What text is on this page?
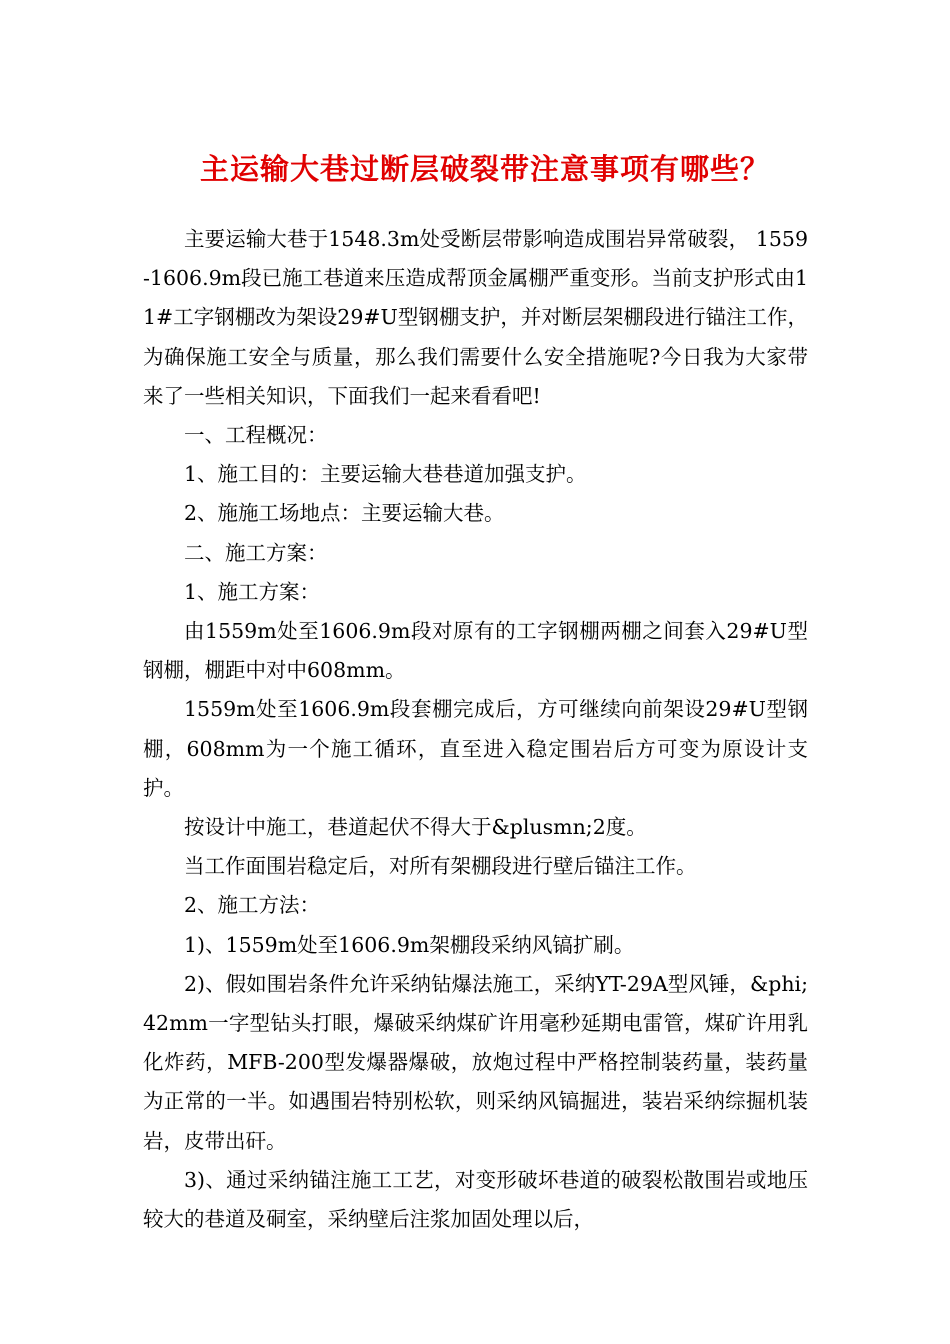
主运输大巷过断层破裂带注意事项有哪些？

主要运输大巷于1548.3m处受断层带影响造成围岩异常破裂， 1559-1606.9m段已施工巷道来压造成帮顶金属棚严重变形。当前支护形式由11#工字钢棚改为架设29#U型钢棚支护，并对断层架棚段进行锚注工作，为确保施工安全与质量，那么我们需要什么安全措施呢?今日我为大家带来了一些相关知识，下面我们一起来看看吧!

一、工程概况：

1、施工目的：主要运输大巷巷道加强支护。

2、施施工场地点：主要运输大巷。

二、施工方案：

1、施工方案：

由1559m处至1606.9m段对原有的工字钢棚两棚之间套入29#U型钢棚，棚距中对中608mm。

1559m处至1606.9m段套棚完成后，方可继续向前架设29#U型钢棚，608mm为一个施工循环，直至进入稳定围岩后方可变为原设计支护。

按设计中施工，巷道起伏不得大于&plusmn;2度。

当工作面围岩稳定后，对所有架棚段进行壁后锚注工作。

2、施工方法：

1)、1559m处至1606.9m架棚段采纳风镐扩刷。

2)、假如围岩条件允许采纳钻爆法施工，采纳YT-29A型风锤，&phi;42mm一字型钻头打眼，爆破采纳煤矿许用毫秒延期电雷管，煤矿许用乳化炸药，MFB-200型发爆器爆破，放炮过程中严格控制装药量，装药量为正常的一半。如遇围岩特别松软，则采纳风镐掘进，装岩采纳综掘机装岩，皮带出矸。

3)、通过采纳锚注施工工艺，对变形破坏巷道的破裂松散围岩或地压较大的巷道及硐室，采纳壁后注浆加固处理以后，
